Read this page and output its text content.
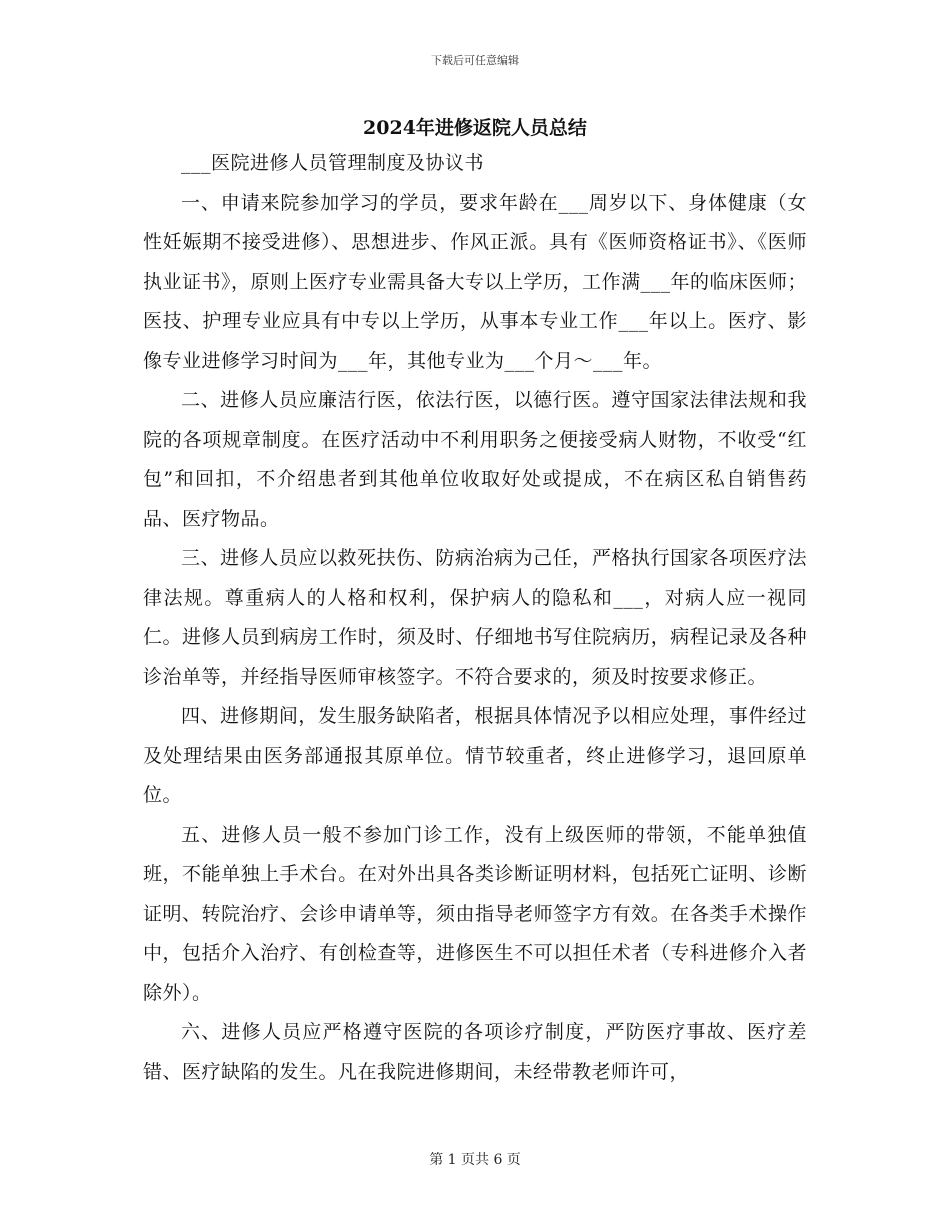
下载后可任意编辑
2024年进修返院人员总结

___医院进修人员管理制度及协议书

一、申请来院参加学习的学员，要求年龄在___周岁以下、身体健康（女性妊娠期不接受进修）、思想进步、作风正派。具有《医师资格证书》、《医师执业证书》，原则上医疗专业需具备大专以上学历，工作满___年的临床医师；医技、护理专业应具有中专以上学历，从事本专业工作___年以上。医疗、影像专业进修学习时间为___年，其他专业为___个月～___年。

二、进修人员应廉洁行医，依法行医，以德行医。遵守国家法律法规和我院的各项规章制度。在医疗活动中不利用职务之便接受病人财物，不收受“红包”和回扣，不介绍患者到其他单位收取好处或提成，不在病区私自销售药品、医疗物品。

三、进修人员应以救死扶伤、防病治病为己任，严格执行国家各项医疗法律法规。尊重病人的人格和权利，保护病人的隐私和___，对病人应一视同仁。进修人员到病房工作时，须及时、仔细地书写住院病历，病程记录及各种诊治单等，并经指导医师审核签字。不符合要求的，须及时按要求修正。

四、进修期间，发生服务缺陷者，根据具体情况予以相应处理，事件经过及处理结果由医务部通报其原单位。情节较重者，终止进修学习，退回原单位。

五、进修人员一般不参加门诊工作，没有上级医师的带领，不能单独值班，不能单独上手术台。在对外出具各类诊断证明材料，包括死亡证明、诊断证明、转院治疗、会诊申请单等，须由指导老师签字方有效。在各类手术操作中，包括介入治疗、有创检查等，进修医生不可以担任术者（专科进修介入者除外）。

六、进修人员应严格遵守医院的各项诊疗制度，严防医疗事故、医疗差错、医疗缺陷的发生。凡在我院进修期间，未经带教老师许可，

第 1 页共 6 页
